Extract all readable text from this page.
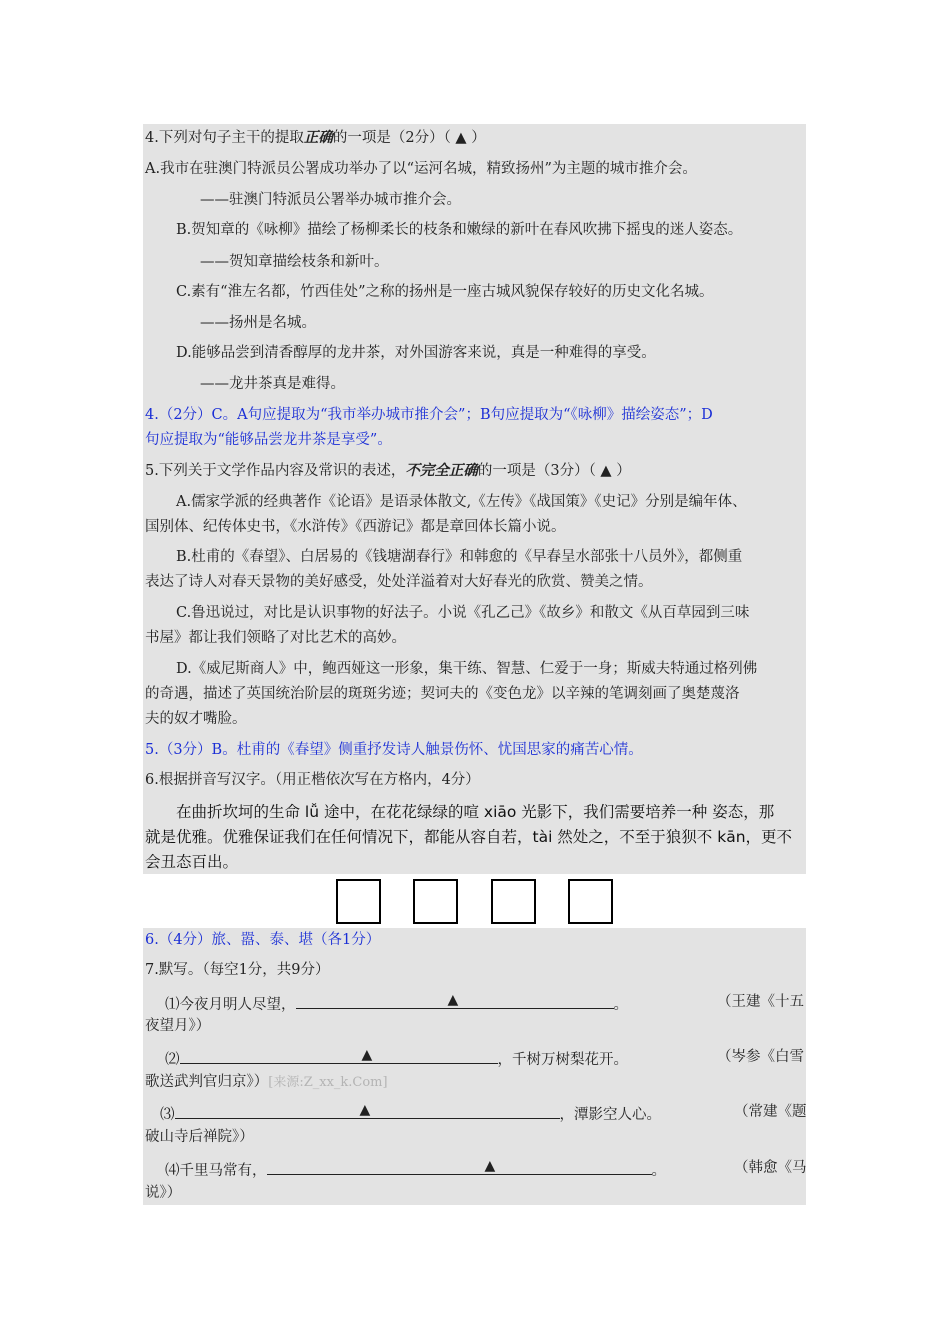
4.下列对句子主干的提取正确的一项是（2分）（ ▲ ）
A.我市在驻澳门特派员公署成功举办了以“运河名城，精致扬州”为主题的城市推介会。
——驻澳门特派员公署举办城市推介会。
B.贺知章的《咏柳》描绘了杨柳柔长的枝条和嫩绿的新叶在春风吹拂下摇曳的迷人姿态。
——贺知章描绘枝条和新叶。
C.素有“淮左名都，竹西佳处”之称的扬州是一座古城风貌保存较好的历史文化名城。
——扬州是名城。
D.能够品尝到清香醇厚的龙井茶，对外国游客来说，真是一种难得的享受。
——龙井茶真是难得。
4.（2分）C。A句应提取为“我市举办城市推介会”；B句应提取为“《咏柳》描绘姿态”；D
句应提取为“能够品尝龙井茶是享受”。
5.下列关于文学作品内容及常识的表述，不完全正确的一项是（3分）（ ▲ ）
A.儒家学派的经典著作《论语》是语录体散文,《左传》《战国策》《史记》分别是编年体、
国别体、纪传体史书，《水浒传》《西游记》都是章回体长篇小说。
B.杜甫的《春望》、白居易的《钱塘湖春行》和韩愈的《早春呈水部张十八员外》，都侧重
表达了诗人对春天景物的美好感受，处处洋溢着对大好春光的欣赏、赞美之情。
C.鲁迅说过，对比是认识事物的好法子。小说《孔乙己》《故乡》和散文《从百草园到三味
书屋》都让我们领略了对比艺术的高妙。
D.《威尼斯商人》中，鲍西娅这一形象，集干练、智慧、仁爱于一身；斯威夫特通过格列佛
的奇遇，描述了英国统治阶层的斑斑劣迹；契诃夫的《变色龙》以辛辣的笔调刻画了奥楚蔑洛
夫的奴才嘴脸。
5.（3分）B。杜甫的《春望》侧重抒发诗人触景伤怀、忧国思家的痛苦心情。
6.根据拼音写汉字。（用正楷依次写在方格内，4分）
在曲折坎坷的生命 lǚ 途中，在花花绿绿的喧 xiāo 光影下，我们需要培养一种 姿态，那
就是优雅。优雅保证我们在任何情况下，都能从容自若，tài 然处之，不至于狼狈不 kān，更不
会丑态百出。
6.（4分）旅、嚣、泰、堪（各1分）
7.默写。（每空1分，共9分）
⑴今夜月明人尽望，	▲	。	（王建《十五
夜望月》）
⑵	▲	，千树万树梨花开。	（岑参《白雪
歌送武判官归京》）[来源:Z_xx_k.Com]
⑶	▲	，潭影空人心。	（常建《题
破山寺后禅院》）
⑷千里马常有，	▲	。	（韩愈《马
说》）
